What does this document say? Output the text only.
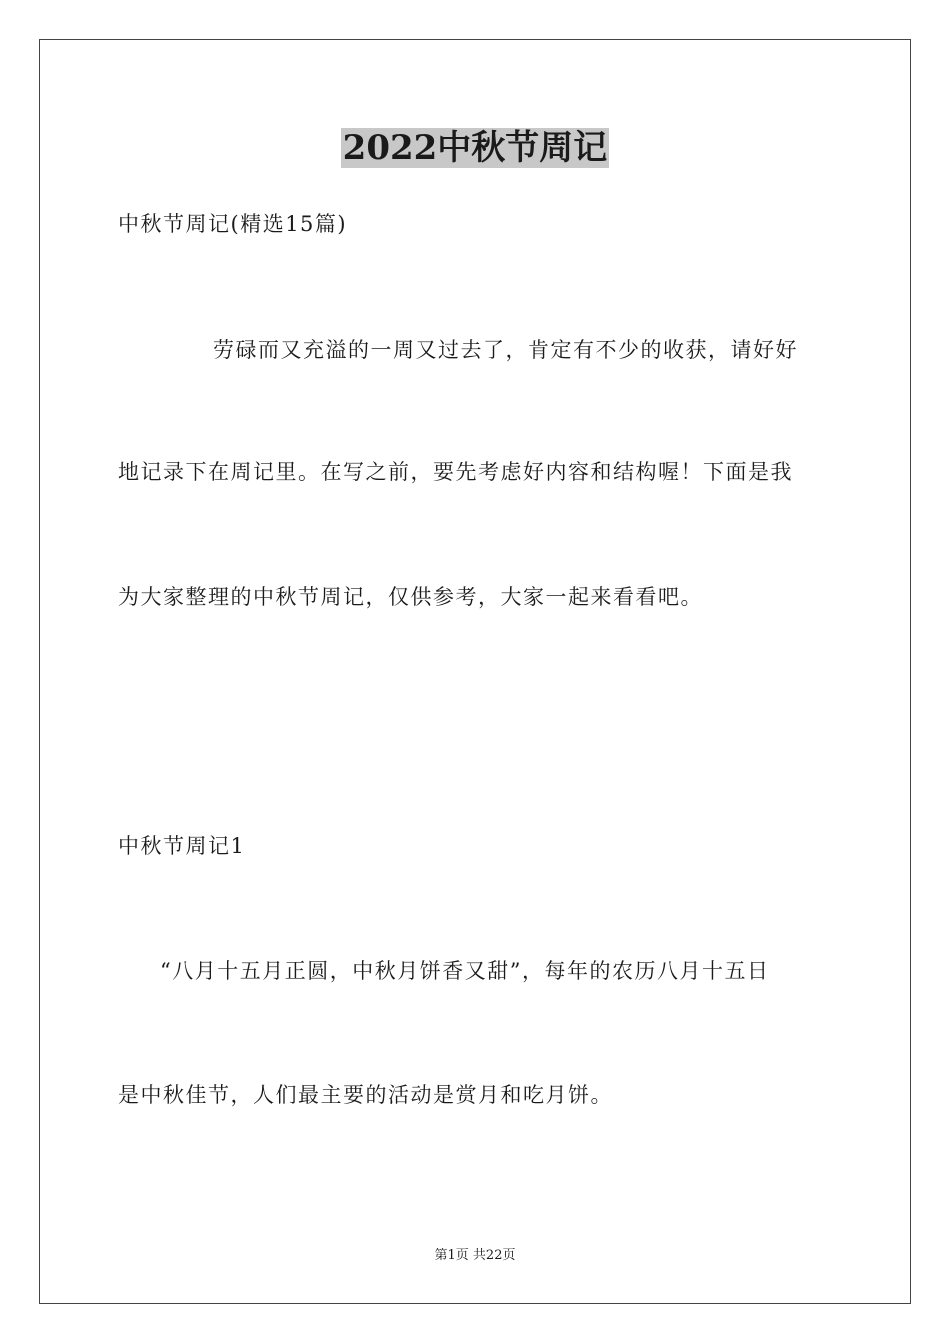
2022中秋节周记
中秋节周记(精选15篇)
劳碌而又充溢的一周又过去了，肯定有不少的收获，请好好
地记录下在周记里。在写之前，要先考虑好内容和结构喔！下面是我
为大家整理的中秋节周记，仅供参考，大家一起来看看吧。
中秋节周记1
“八月十五月正圆，中秋月饼香又甜”，每年的农历八月十五日
是中秋佳节，人们最主要的活动是赏月和吃月饼。
第1页 共22页
